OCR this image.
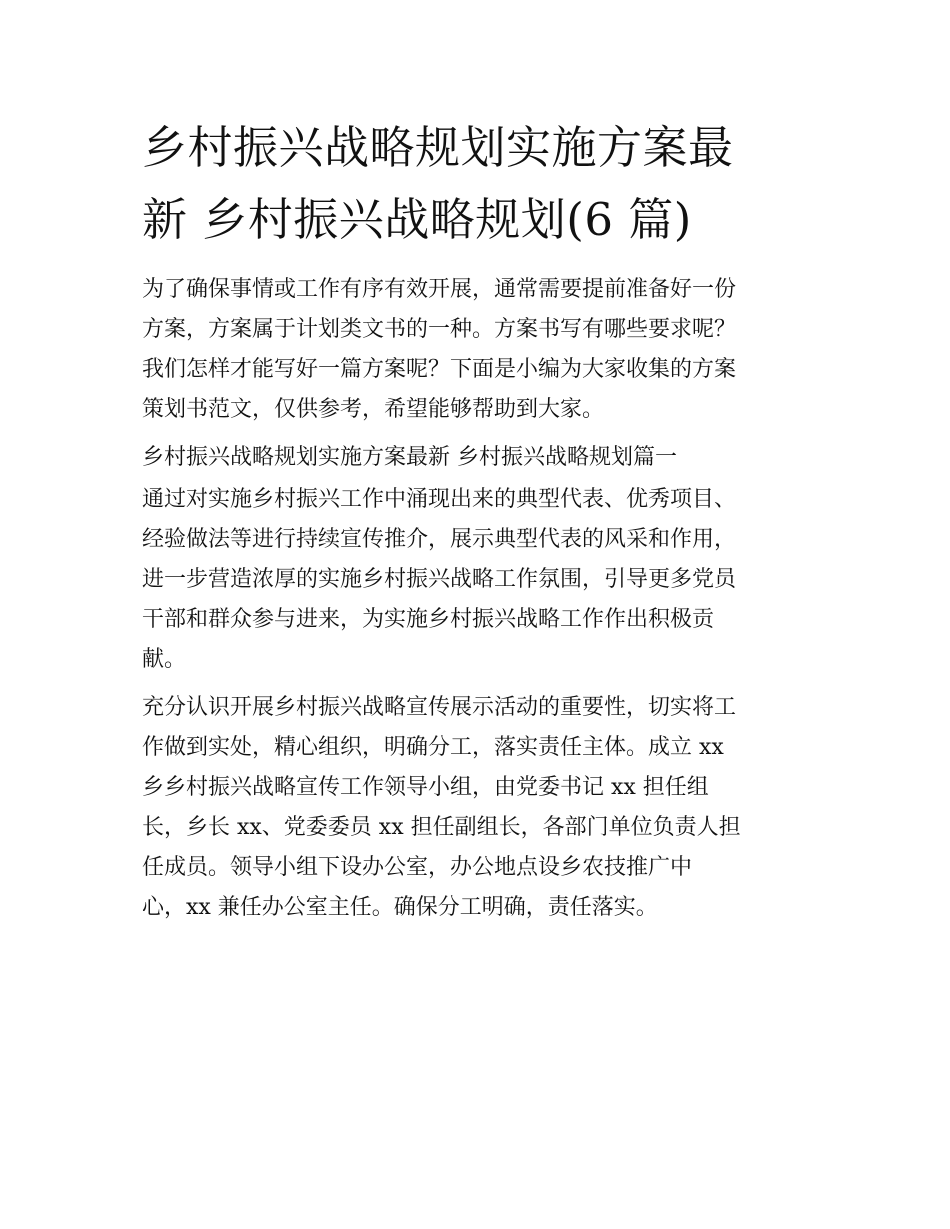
乡村振兴战略规划实施方案最
新 乡村振兴战略规划(6 篇)

为了确保事情或工作有序有效开展，通常需要提前准备好一份
方案，方案属于计划类文书的一种。方案书写有哪些要求呢？
我们怎样才能写好一篇方案呢？下面是小编为大家收集的方案
策划书范文，仅供参考，希望能够帮助到大家。

乡村振兴战略规划实施方案最新 乡村振兴战略规划篇一

通过对实施乡村振兴工作中涌现出来的典型代表、优秀项目、
经验做法等进行持续宣传推介，展示典型代表的风采和作用，
进一步营造浓厚的实施乡村振兴战略工作氛围，引导更多党员
干部和群众参与进来，为实施乡村振兴战略工作作出积极贡
献。

充分认识开展乡村振兴战略宣传展示活动的重要性，切实将工
作做到实处，精心组织，明确分工，落实责任主体。成立 xx
乡乡村振兴战略宣传工作领导小组，由党委书记 xx 担任组
长，乡长 xx、党委委员 xx 担任副组长，各部门单位负责人担
任成员。领导小组下设办公室，办公地点设乡农技推广中
心，xx 兼任办公室主任。确保分工明确，责任落实。
